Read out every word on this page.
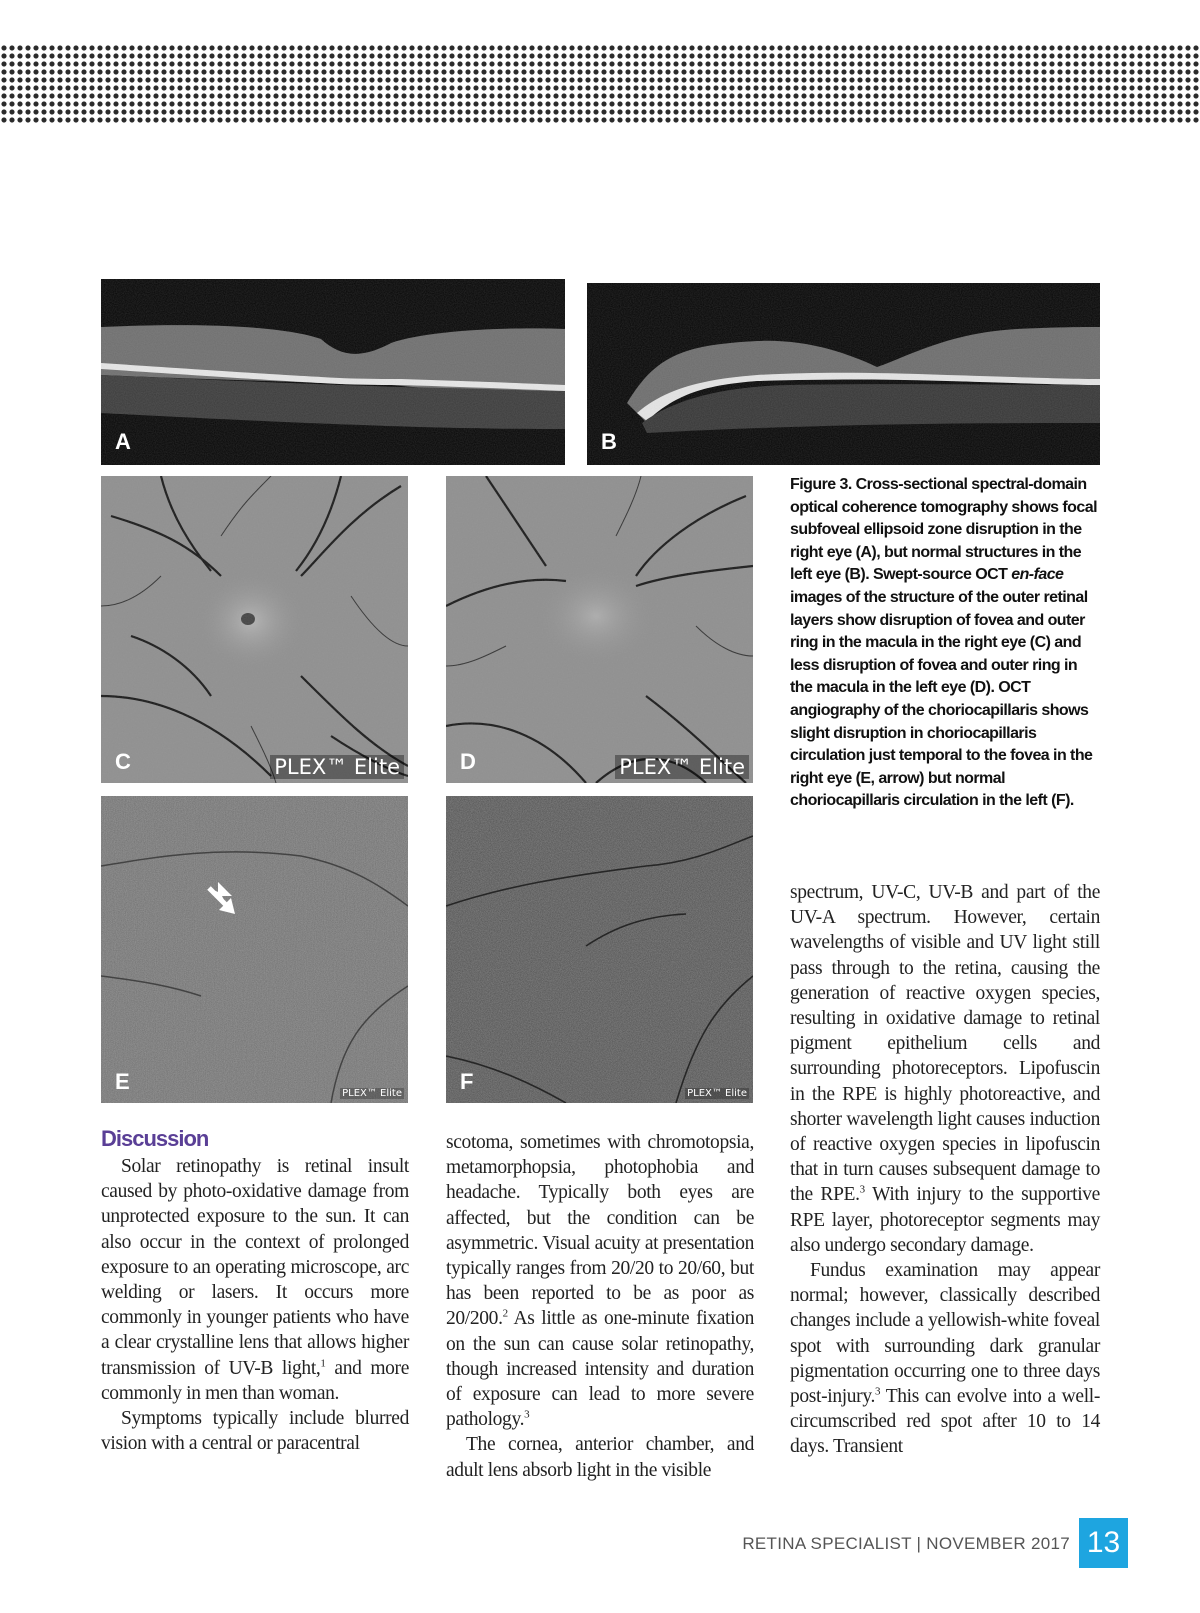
A	B
C	PLEX™ Elite	D	PLEX™ Elite
E	PLEX™ Elite	F	PLEX™ Elite
Figure 3. Cross-sectional spectral-domain optical coherence tomography shows focal subfoveal ellipsoid zone disruption in the right eye (A), but normal structures in the left eye (B). Swept-source OCT en-face images of the structure of the outer retinal layers show disruption of fovea and outer ring in the macula in the right eye (C) and less disruption of fovea and outer ring in the macula in the left eye (D). OCT angiography of the choriocapillaris shows slight disruption in choriocapillaris circulation just temporal to the fovea in the right eye (E, arrow) but normal choriocapillaris circulation in the left (F).
Discussion

Solar retinopathy is retinal insult caused by photo-oxidative damage from unprotected exposure to the sun. It can also occur in the context of prolonged exposure to an operating microscope, arc welding or lasers. It occurs more commonly in younger patients who have a clear crystalline lens that allows higher transmission of UV-B light,$^1$ and more commonly in men than woman.

Symptoms typically include blurred vision with a central or paracentral

scotoma, sometimes with chromotopsia, metamorphopsia, photophobia and headache. Typically both eyes are affected, but the condition can be asymmetric. Visual acuity at presentation typically ranges from 20/20 to 20/60, but has been reported to be as poor as 20/200.$^2$ As little as one-minute fixation on the sun can cause solar retinopathy, though increased intensity and duration of exposure can lead to more severe pathology.$^3$

The cornea, anterior chamber, and adult lens absorb light in the visible

spectrum, UV-C, UV-B and part of the UV-A spectrum. However, certain wavelengths of visible and UV light still pass through to the retina, causing the generation of reactive oxygen species, resulting in oxidative damage to retinal pigment epithelium cells and surrounding photoreceptors. Lipofuscin in the RPE is highly photoreactive, and shorter wavelength light causes induction of reactive oxygen species in lipofuscin that in turn causes subsequent damage to the RPE.$^3$ With injury to the supportive RPE layer, photoreceptor segments may also undergo secondary damage.

Fundus examination may appear normal; however, classically described changes include a yellowish-white foveal spot with surrounding dark granular pigmentation occurring one to three days post-injury.$^3$ This can evolve into a well-circumscribed red spot after 10 to 14 days. Transient

RETINA SPECIALIST | NOVEMBER 2017 13
